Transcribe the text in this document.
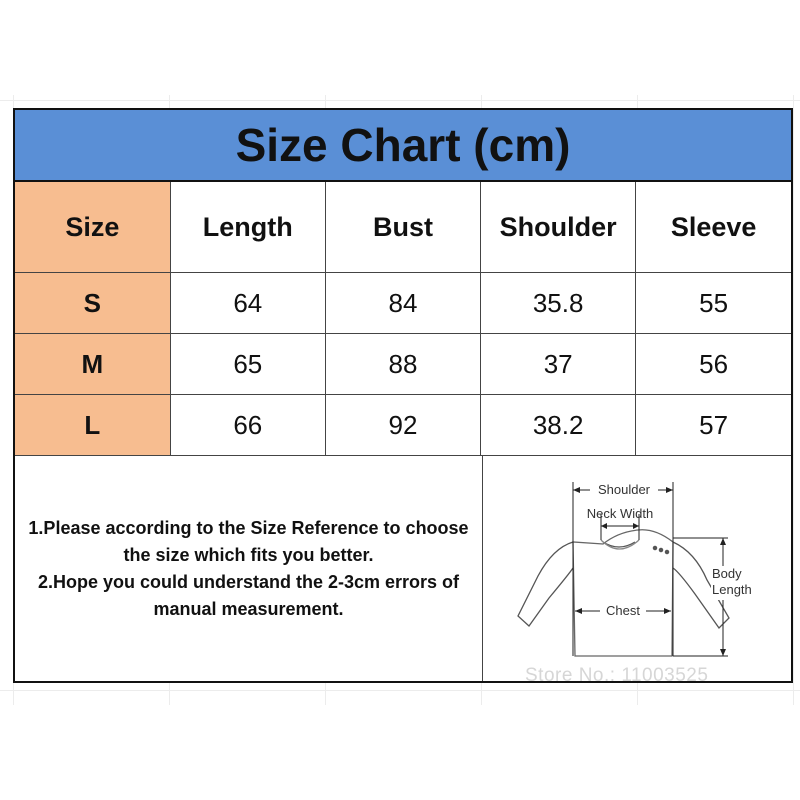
Size Chart (cm)
Size	Length	Bust	Shoulder	Sleeve
S	64	84	35.8	55
M	65	88	37	56
L	66	92	38.2	57
1.Please according to the Size Reference to choose the size which fits you better.
2.Hope you could understand the 2-3cm errors of manual measurement.
Shoulder
Neck Width
Chest
Body
Length
Store No.: 11003525
